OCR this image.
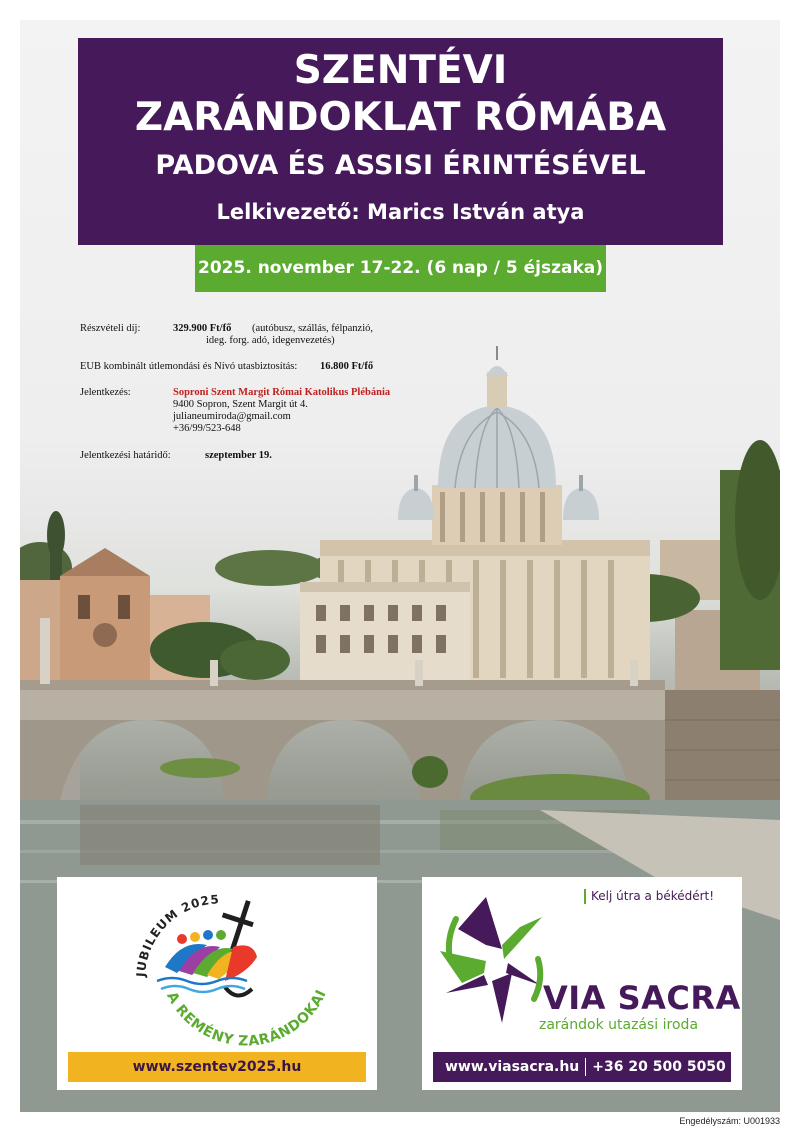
Részvételi díj:	329.900 Ft/fő (autóbusz, szállás, félpanzió,
ideg. forg. adó, idegenvezetés)
EUB kombinált útlemondási és Nívó utasbiztosítás: 16.800 Ft/fő
Jelentkezés:	Soproni Szent Margit Római Katolikus Plébánia
9400 Sopron, Szent Margit út 4.
julianeumiroda@gmail.com
+36/99/523-648
Jelentkezési határidő:	szeptember 19.
SZENTÉVI
ZARÁNDOKLAT RÓMÁBA
PADOVA ÉS ASSISI ÉRINTÉSÉVEL
Lelkivezető: Marics István atya
2025. november 17-22. (6 nap / 5 éjszaka)
JUBILEUM 2025
A REMÉNY ZARÁNDOKAI
www.szentev2025.hu
Kelj útra a békédért!
VIA SACRA
zarándok utazási iroda
www.viasacra.hu +36 20 500 5050
Engedélyszám: U001933
